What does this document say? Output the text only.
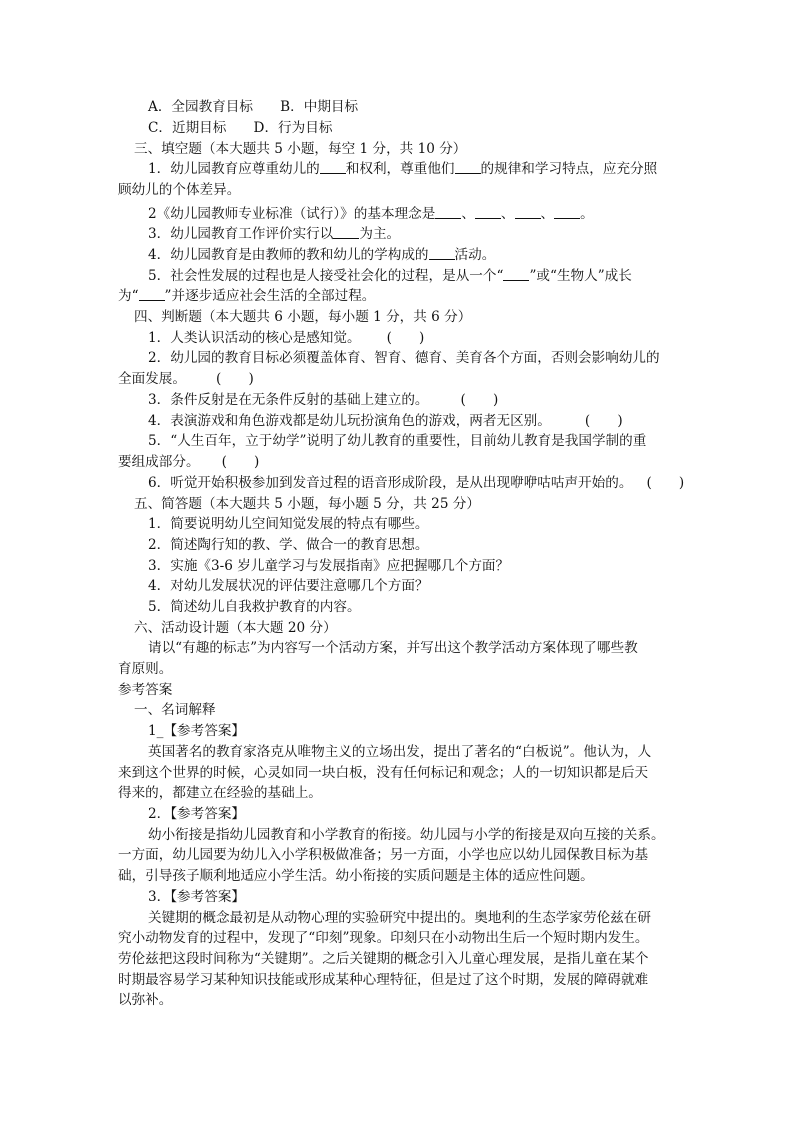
A．全园教育目标　　B．中期目标
C．近期目标　　D．行为目标
三、填空题（本大题共 5 小题，每空 1 分，共 10 分）
1．幼儿园教育应尊重幼儿的 和权利，尊重他们 的规律和学习特点，应充分照
顾幼儿的个体差异。
2《幼儿园教师专业标准（试行）》的基本理念是 、 、 、 。
3．幼儿园教育工作评价实行以 为主。
4．幼儿园教育是由教师的教和幼儿的学构成的 活动。
5．社会性发展的过程也是人接受社会化的过程，是从一个“ ”或“生物人”成长
为“ ”并逐步适应社会生活的全部过程。
四、判断题（本大题共 6 小题，每小题 1 分，共 6 分）
1．人类认识活动的核心是感知觉。 (　　)
2．幼儿园的教育目标必须覆盖体育、智育、德育、美育各个方面，否则会影响幼儿的
全面发展。 (　　)
3．条件反射是在无条件反射的基础上建立的。 (　　)
4．表演游戏和角色游戏都是幼儿玩扮演角色的游戏，两者无区别。	(　　)
5．“人生百年，立于幼学”说明了幼儿教育的重要性，目前幼儿教育是我国学制的重
要组成部分。 (　　)
6．听觉开始积极参加到发音过程的语音形成阶段，是从出现咿咿咕咕声开始的。 (　　)
五、简答题（本大题共 5 小题，每小题 5 分，共 25 分）
1．简要说明幼儿空间知觉发展的特点有哪些。
2．简述陶行知的教、学、做合一的教育思想。
3．实施《3-6 岁儿童学习与发展指南》应把握哪几个方面？
4．对幼儿发展状况的评估要注意哪几个方面？
5．简述幼儿自我救护教育的内容。
六、活动设计题（本大题 20 分）
请以“有趣的标志”为内容写一个活动方案，并写出这个教学活动方案体现了哪些教
育原则。
参考答案
一、名词解释
1_【参考答案】
英国著名的教育家洛克从唯物主义的立场出发，提出了著名的“白板说”。他认为，人
来到这个世界的时候，心灵如同一块白板，没有任何标记和观念；人的一切知识都是后天
得来的，都建立在经验的基础上。
2．【参考答案】
幼小衔接是指幼儿园教育和小学教育的衔接。幼儿园与小学的衔接是双向互接的关系。
一方面，幼儿园要为幼儿入小学积极做准备；另一方面，小学也应以幼儿园保教目标为基
础，引导孩子顺利地适应小学生活。幼小衔接的实质问题是主体的适应性问题。
3．【参考答案】
关键期的概念最初是从动物心理的实验研究中提出的。奥地利的生态学家劳伦兹在研
究小动物发育的过程中，发现了“印刻”现象。印刻只在小动物出生后一个短时期内发生。
劳伦兹把这段时间称为“关键期”。之后关键期的概念引入儿童心理发展，是指儿童在某个
时期最容易学习某种知识技能或形成某种心理特征，但是过了这个时期，发展的障碍就难
以弥补。
